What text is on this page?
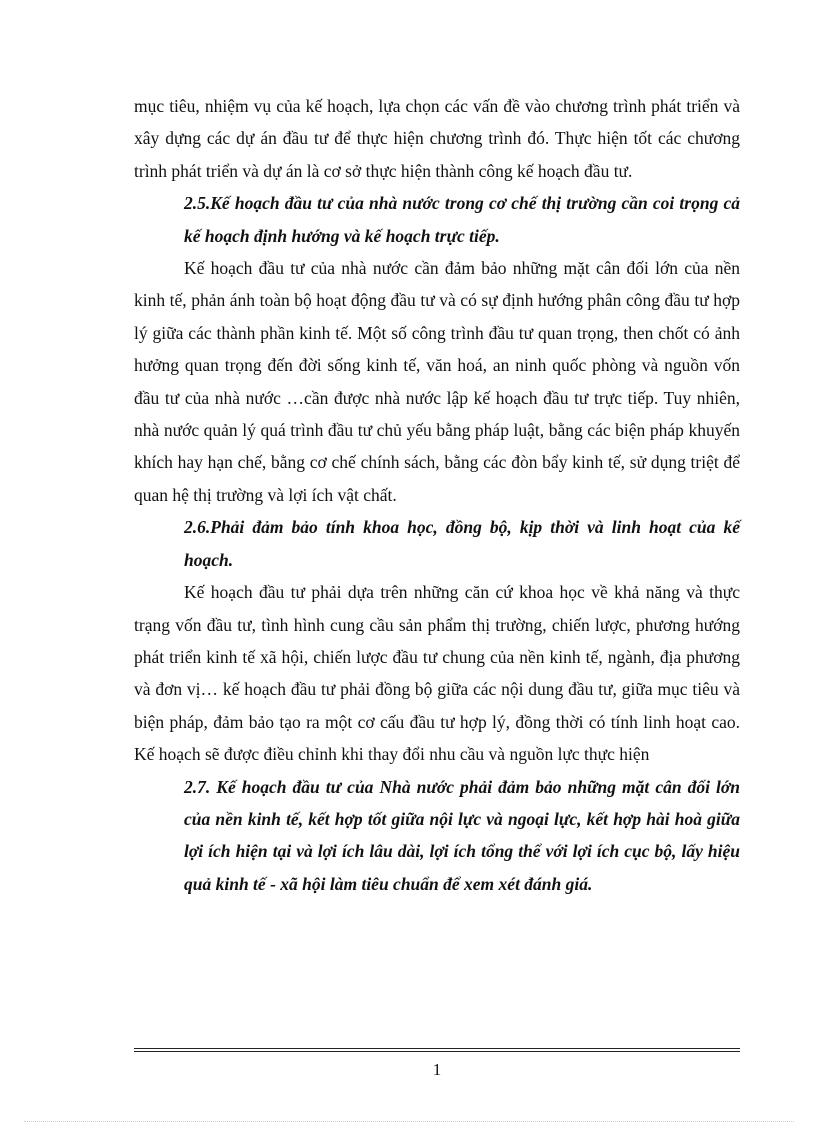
mục tiêu, nhiệm vụ của kế hoạch, lựa chọn các vấn đề vào chương trình phát triển và xây dựng các dự án đầu tư để thực hiện chương trình đó. Thực hiện tốt các chương trình phát triển và dự án là cơ sở thực hiện thành công kế hoạch đầu tư.

2.5.Kế hoạch đầu tư của nhà nước trong cơ chế thị trường cần coi trọng cả kế hoạch định hướng và kế hoạch trực tiếp.

Kế hoạch đầu tư của nhà nước cần đảm bảo những mặt cân đối lớn của nền kinh tế, phản ánh toàn bộ hoạt động đầu tư và có sự định hướng phân công đầu tư hợp lý giữa các thành phần kinh tế. Một số công trình đầu tư quan trọng, then chốt có ảnh hưởng quan trọng đến đời sống kinh tế, văn hoá, an ninh quốc phòng và nguồn vốn đầu tư của nhà nước …cần được nhà nước lập kế hoạch đầu tư trực tiếp. Tuy nhiên, nhà nước quản lý quá trình đầu tư chủ yếu bằng pháp luật, bằng các biện pháp khuyến khích hay hạn chế, bằng cơ chế chính sách, bằng các đòn bẩy kinh tế, sử dụng triệt để quan hệ thị trường và lợi ích vật chất.

2.6.Phải đảm bảo tính khoa học, đồng bộ, kịp thời và linh hoạt của kế hoạch.

Kế hoạch đầu tư phải dựa trên những căn cứ khoa học về khả năng và thực trạng vốn đầu tư, tình hình cung cầu sản phẩm thị trường, chiến lược, phương hướng phát triển kinh tế xã hội, chiến lược đầu tư chung của nền kinh tế, ngành, địa phương và đơn vị… kế hoạch đầu tư phải đồng bộ giữa các nội dung đầu tư, giữa mục tiêu và biện pháp, đảm bảo tạo ra một cơ cấu đầu tư hợp lý, đồng thời có tính linh hoạt cao. Kế hoạch sẽ được điều chỉnh khi thay đổi nhu cầu và nguồn lực thực hiện

2.7. Kế hoạch đầu tư của Nhà nước phải đảm bảo những mặt cân đối lớn của nền kinh tế, kết hợp tốt giữa nội lực và ngoại lực, kết hợp hài hoà giữa lợi ích hiện tại và lợi ích lâu dài, lợi ích tổng thể với lợi ích cục bộ, lấy hiệu quả kinh tế - xã hội làm tiêu chuẩn để xem xét đánh giá.

1
